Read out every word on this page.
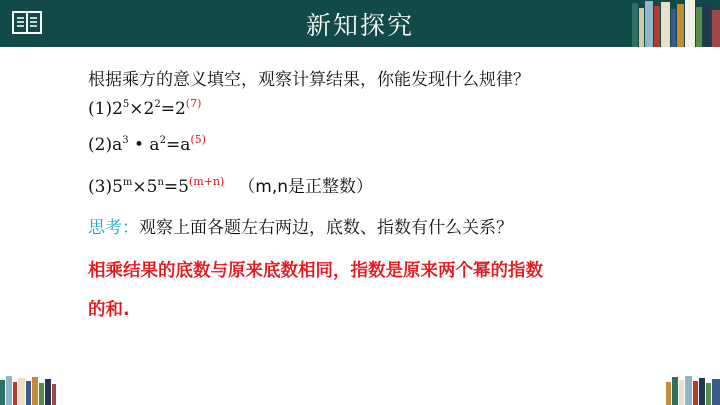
新知探究
根据乘方的意义填空，观察计算结果，你能发现什么规律？
$(1)2^5\times 2^2=2^{(7)}$
$(2)a^3$ • $a^2=a^{(5)}$
$(3)5^m\times 5^n=5^{(m+n)}$ （m,n是正整数）
思考：观察上面各题左右两边，底数、指数有什么关系？
相乘结果的底数与原来底数相同，指数是原来两个幂的指数
的和.
